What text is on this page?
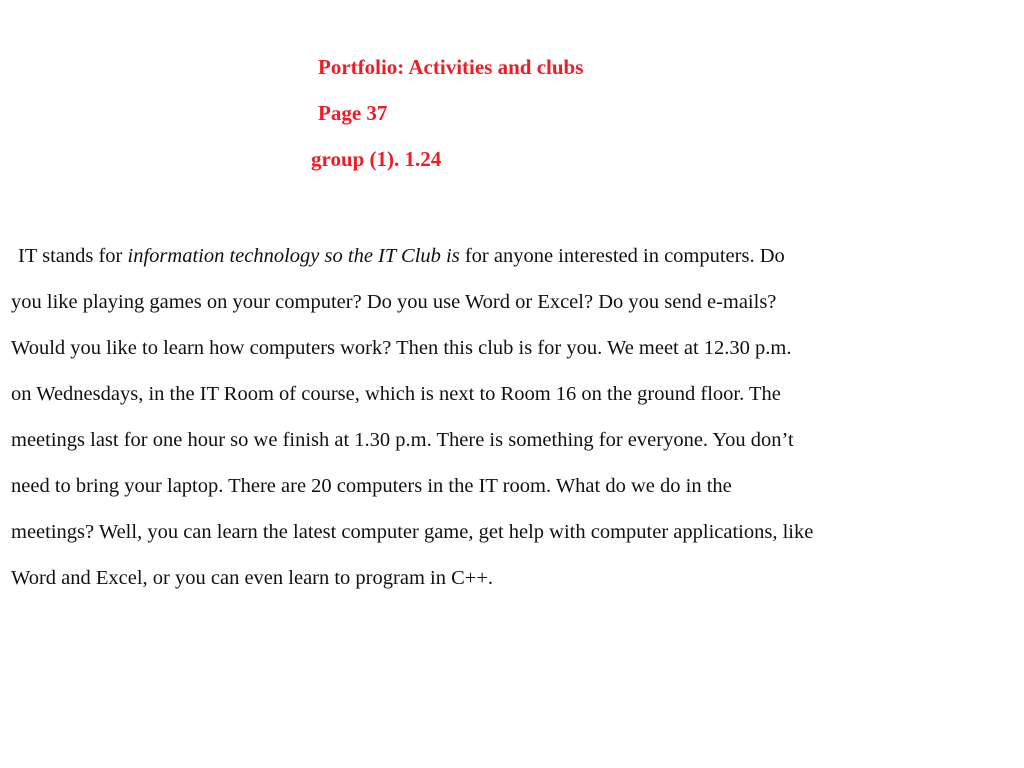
Portfolio: Activities and clubs
Page 37
group (1). 1.24
IT stands for information technology so the IT Club is for anyone interested in computers. Do
you like playing games on your computer? Do you use Word or Excel? Do you send e-mails?
Would you like to learn how computers work? Then this club is for you. We meet at 12.30 p.m.
on Wednesdays, in the IT Room of course, which is next to Room 16 on the ground floor. The
meetings last for one hour so we finish at 1.30 p.m. There is something for everyone. You don’t
need to bring your laptop. There are 20 computers in the IT room. What do we do in the
meetings? Well, you can learn the latest computer game, get help with computer applications, like
Word and Excel, or you can even learn to program in C++.
